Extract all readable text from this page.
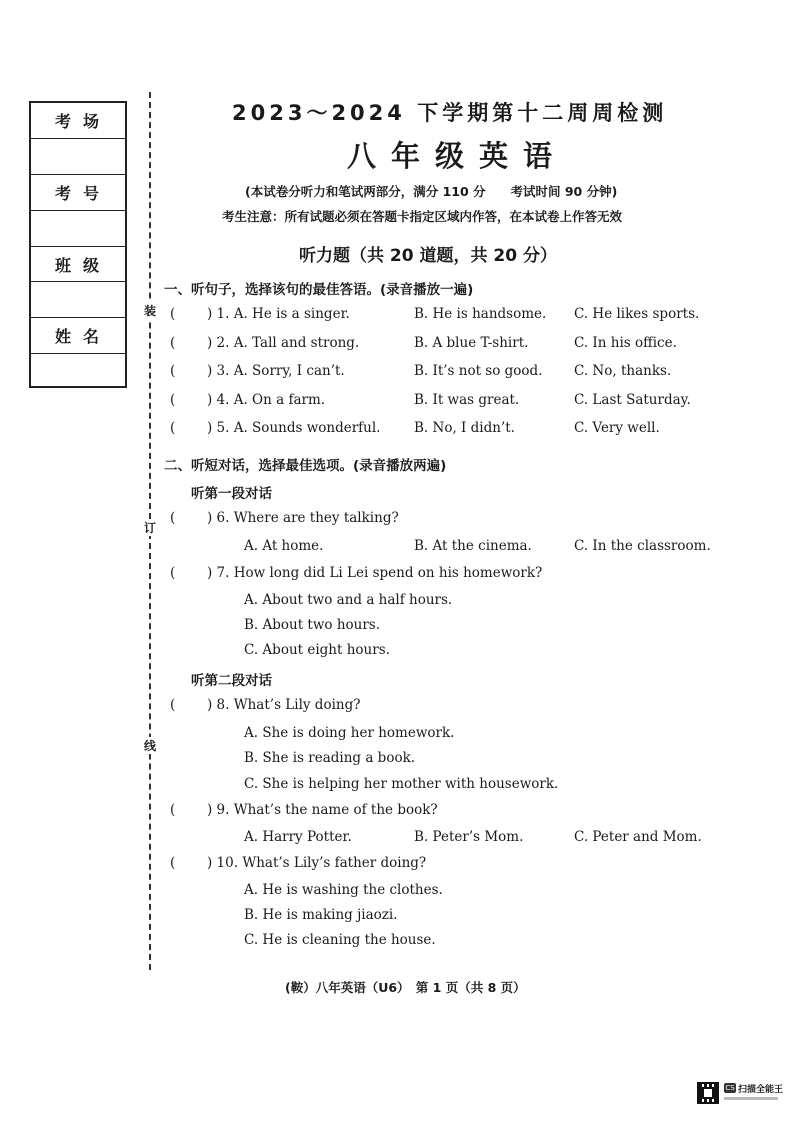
考场
考号
班级
姓名
装
订
线
2023～2024 下学期第十二周周检测
八年级英语
(本试卷分听力和笔试两部分，满分 110 分　　考试时间 90 分钟)
考生注意：所有试题必须在答题卡指定区域内作答，在本试卷上作答无效
听力题（共 20 道题，共 20 分）
一、听句子，选择该句的最佳答语。(录音播放一遍)
( ) 1. A. He is a singer.	B. He is handsome. C. He likes sports.
( ) 2. A. Tall and strong.	B. A blue T-shirt.	C. In his office.
( ) 3. A. Sorry, I can’t.	B. It’s not so good. C. No, thanks.
( ) 4. A. On a farm.	B. It was great.	C. Last Saturday.
( ) 5. A. Sounds wonderful. B. No, I didn’t.	C. Very well.
二、听短对话，选择最佳选项。(录音播放两遍)
听第一段对话
( ) 6. Where are they talking?
A. At home.	B. At the cinema.	C. In the classroom.
( ) 7. How long did Li Lei spend on his homework?
A. About two and a half hours.
B. About two hours.
C. About eight hours.
听第二段对话
( ) 8. What’s Lily doing?
A. She is doing her homework.
B. She is reading a book.
C. She is helping her mother with housework.
( ) 9. What’s the name of the book?
A. Harry Potter.	B. Peter’s Mom.	C. Peter and Mom.
( ) 10. What’s Lily’s father doing?
A. He is washing the clothes.
B. He is making jiaozi.
C. He is cleaning the house.
(鞍）八年英语（U6）　第 1 页（共 8 页）
CS 扫描全能王
